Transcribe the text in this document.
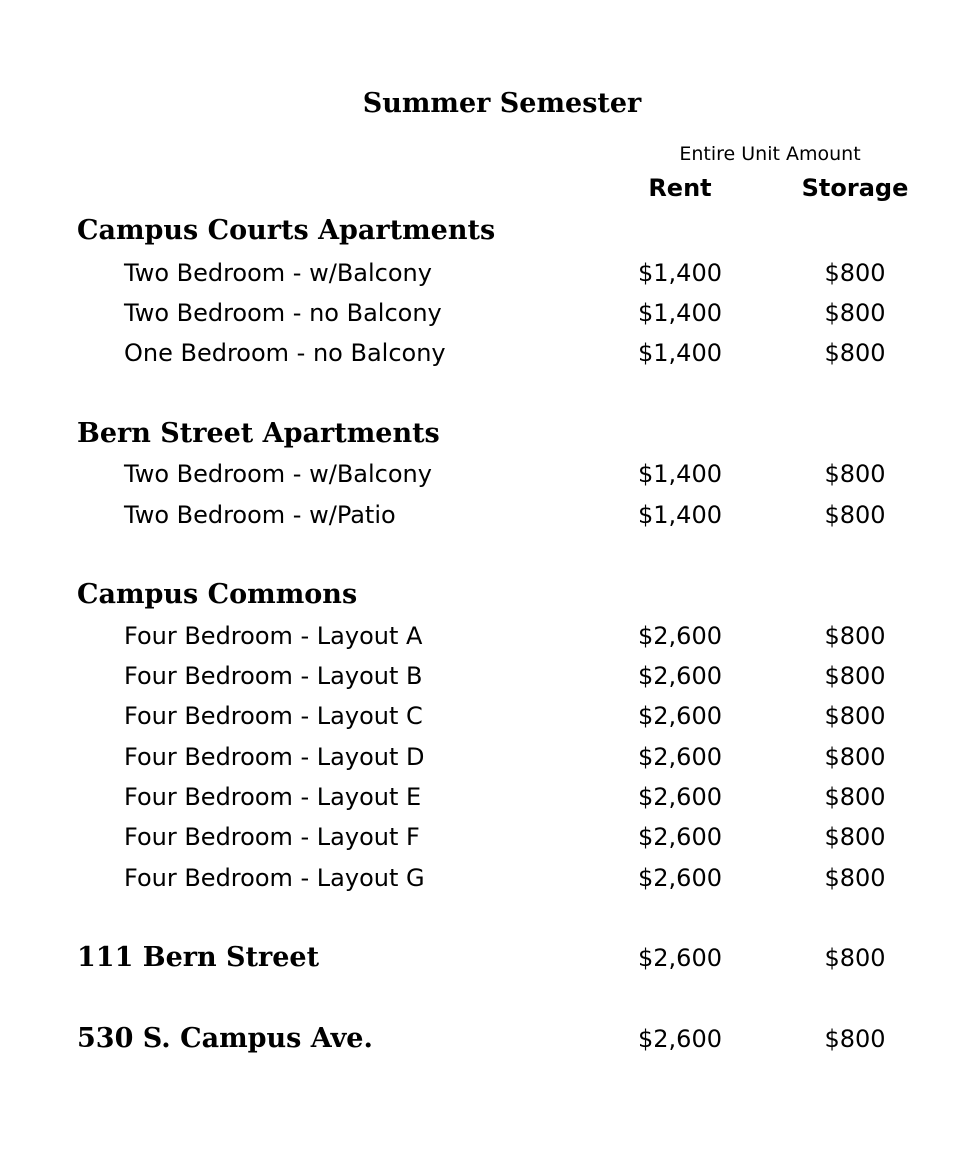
Summer Semester
Entire Unit Amount
Rent	Storage
Campus Courts Apartments
Two Bedroom - w/Balcony	$1,400	$800
Two Bedroom - no Balcony	$1,400	$800
One Bedroom - no Balcony	$1,400	$800
Bern Street Apartments
Two Bedroom - w/Balcony	$1,400	$800
Two Bedroom - w/Patio	$1,400	$800
Campus Commons
Four Bedroom - Layout A	$2,600	$800
Four Bedroom - Layout B	$2,600	$800
Four Bedroom - Layout C	$2,600	$800
Four Bedroom - Layout D	$2,600	$800
Four Bedroom - Layout E	$2,600	$800
Four Bedroom - Layout F	$2,600	$800
Four Bedroom - Layout G	$2,600	$800
111 Bern Street	$2,600	$800
530 S. Campus Ave.	$2,600	$800
